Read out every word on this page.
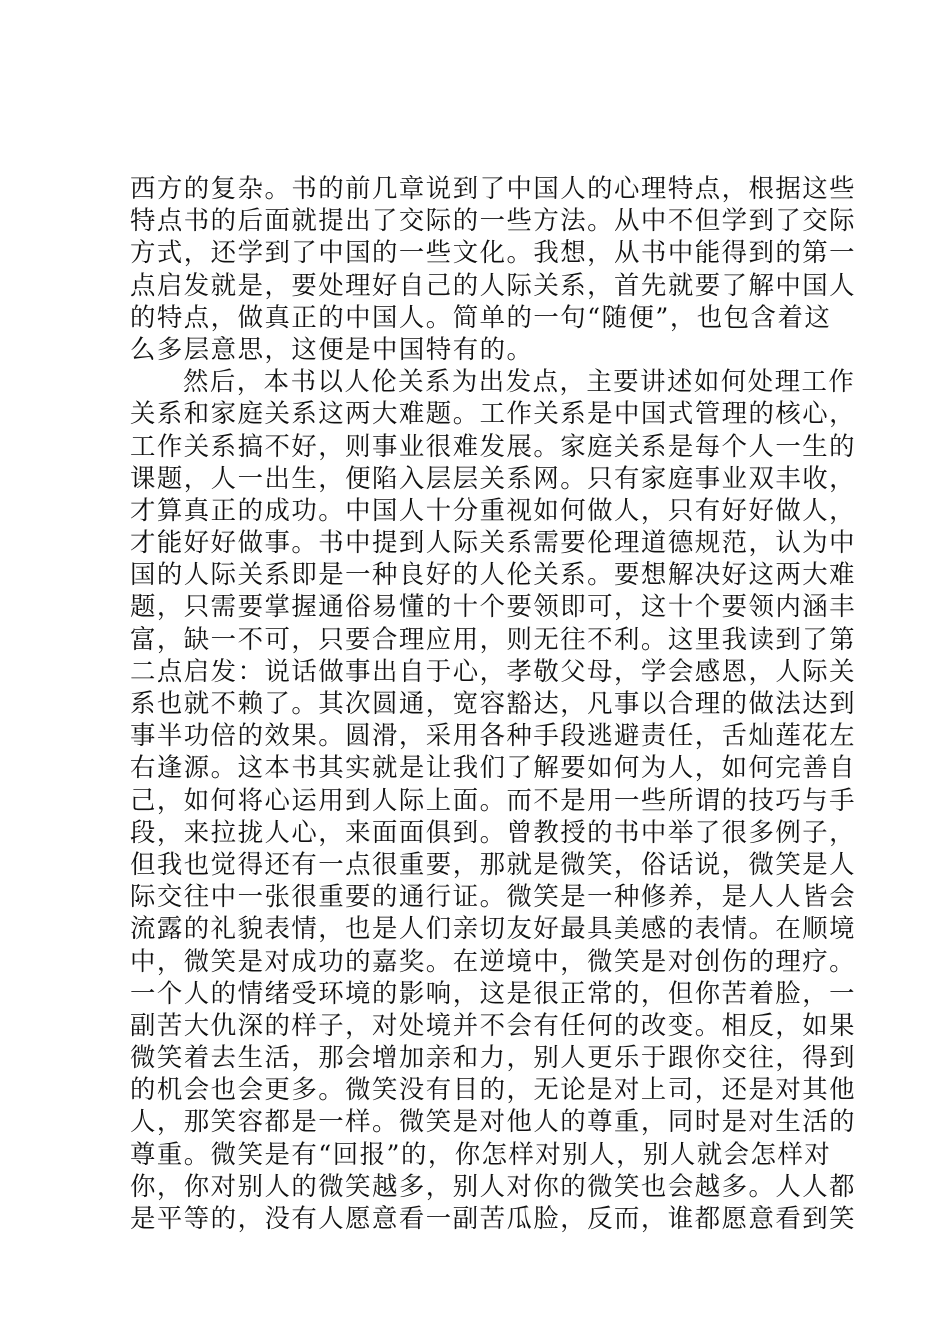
西方的复杂。书的前几章说到了中国人的心理特点，根据这些
特点书的后面就提出了交际的一些方法。从中不但学到了交际
方式，还学到了中国的一些文化。我想，从书中能得到的第一
点启发就是，要处理好自己的人际关系，首先就要了解中国人
的特点，做真正的中国人。简单的一句“随便”，也包含着这
么多层意思，这便是中国特有的。
然后，本书以人伦关系为出发点，主要讲述如何处理工作
关系和家庭关系这两大难题。工作关系是中国式管理的核心，
工作关系搞不好，则事业很难发展。家庭关系是每个人一生的
课题，人一出生，便陷入层层关系网。只有家庭事业双丰收，
才算真正的成功。中国人十分重视如何做人，只有好好做人，
才能好好做事。书中提到人际关系需要伦理道德规范，认为中
国的人际关系即是一种良好的人伦关系。要想解决好这两大难
题，只需要掌握通俗易懂的十个要领即可，这十个要领内涵丰
富，缺一不可，只要合理应用，则无往不利。这里我读到了第
二点启发：说话做事出自于心，孝敬父母，学会感恩，人际关
系也就不赖了。其次圆通，宽容豁达，凡事以合理的做法达到
事半功倍的效果。圆滑，采用各种手段逃避责任，舌灿莲花左
右逢源。这本书其实就是让我们了解要如何为人，如何完善自
己，如何将心运用到人际上面。而不是用一些所谓的技巧与手
段，来拉拢人心，来面面俱到。曾教授的书中举了很多例子，
但我也觉得还有一点很重要，那就是微笑，俗话说，微笑是人
际交往中一张很重要的通行证。微笑是一种修养，是人人皆会
流露的礼貌表情，也是人们亲切友好最具美感的表情。在顺境
中，微笑是对成功的嘉奖。在逆境中，微笑是对创伤的理疗。
一个人的情绪受环境的影响，这是很正常的，但你苦着脸，一
副苦大仇深的样子，对处境并不会有任何的改变。相反，如果
微笑着去生活，那会增加亲和力，别人更乐于跟你交往，得到
的机会也会更多。微笑没有目的，无论是对上司，还是对其他
人，那笑容都是一样。微笑是对他人的尊重，同时是对生活的
尊重。微笑是有“回报”的，你怎样对别人，别人就会怎样对
你，你对别人的微笑越多，别人对你的微笑也会越多。人人都
是平等的，没有人愿意看一副苦瓜脸，反而，谁都愿意看到笑
